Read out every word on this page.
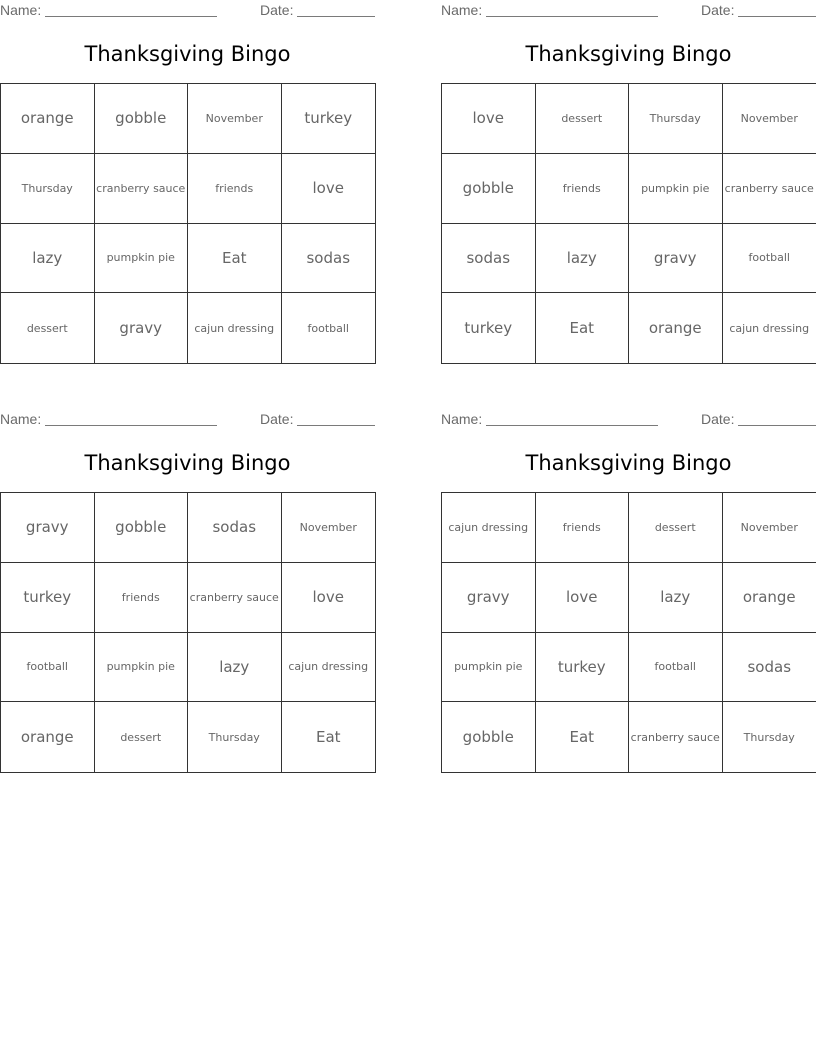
Name:	Date:
Thanksgiving Bingo
orange	gobble	November	turkey
Thursday	cranberry sauce	friends	love
lazy	pumpkin pie	Eat	sodas
dessert	gravy	cajun dressing	football
Name:	Date:
Thanksgiving Bingo
love	dessert	Thursday	November
gobble	friends	pumpkin pie	cranberry sauce
sodas	lazy	gravy	football
turkey	Eat	orange	cajun dressing
Name:	Date:
Thanksgiving Bingo
gravy	gobble	sodas	November
turkey	friends	cranberry sauce	love
football	pumpkin pie	lazy	cajun dressing
orange	dessert	Thursday	Eat
Name:	Date:
Thanksgiving Bingo
cajun dressing	friends	dessert	November
gravy	love	lazy	orange
pumpkin pie	turkey	football	sodas
gobble	Eat	cranberry sauce	Thursday
